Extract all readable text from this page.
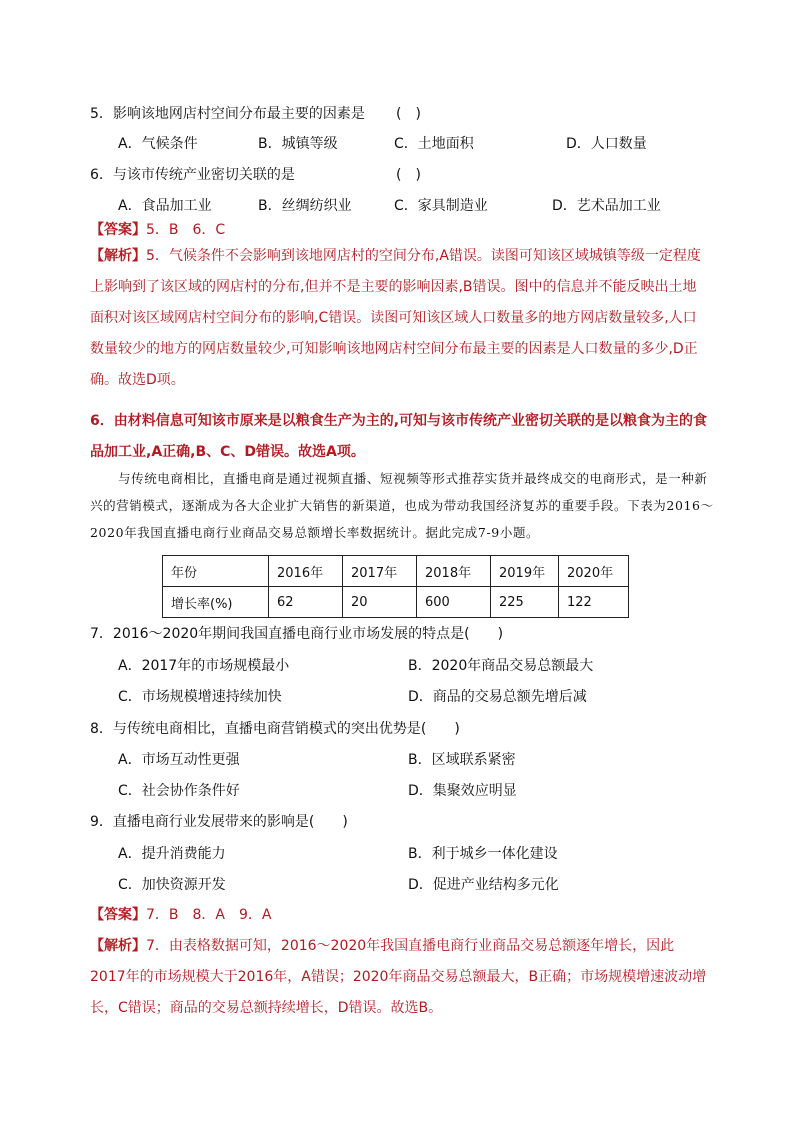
5．影响该地网店村空间分布最主要的因素是	(　)
A．气候条件	B．城镇等级	C．土地面积	D．人口数量
6．与该市传统产业密切关联的是	(　)
A．食品加工业	B．丝绸纺织业	C．家具制造业	D．艺术品加工业
【答案】5．B　6．C
【解析】5．气候条件不会影响到该地网店村的空间分布,A错误。读图可知该区域城镇等级一定程度上影响到了该区域的网店村的分布,但并不是主要的影响因素,B错误。图中的信息并不能反映出土地面积对该区域网店村空间分布的影响,C错误。读图可知该区域人口数量多的地方网店数量较多,人口数量较少的地方的网店数量较少,可知影响该地网店村空间分布最主要的因素是人口数量的多少,D正确。故选D项。
6．由材料信息可知该市原来是以粮食生产为主的,可知与该市传统产业密切关联的是以粮食为主的食品加工业,A正确,B、C、D错误。故选A项。
与传统电商相比，直播电商是通过视频直播、短视频等形式推荐实货并最终成交的电商形式，是一种新兴的营销模式，逐渐成为各大企业扩大销售的新渠道，也成为带动我国经济复苏的重要手段。下表为2016～2020年我国直播电商行业商品交易总额增长率数据统计。据此完成7-9小题。
年份	2016年	2017年	2018年	2019年	2020年
增长率(%)	62	20	600	225	122
7．2016～2020年期间我国直播电商行业市场发展的特点是(　　)
A．2017年的市场规模最小	B．2020年商品交易总额最大
C．市场规模增速持续加快	D．商品的交易总额先增后减
8．与传统电商相比，直播电商营销模式的突出优势是(　　)
A．市场互动性更强	B．区域联系紧密
C．社会协作条件好	D．集聚效应明显
9．直播电商行业发展带来的影响是(　　)
A．提升消费能力	B．利于城乡一体化建设
C．加快资源开发	D．促进产业结构多元化
【答案】7．B　8．A　9．A
【解析】7．由表格数据可知，2016～2020年我国直播电商行业商品交易总额逐年增长，因此2017年的市场规模大于2016年，A错误；2020年商品交易总额最大，B正确；市场规模增速波动增长，C错误；商品的交易总额持续增长，D错误。故选B。
